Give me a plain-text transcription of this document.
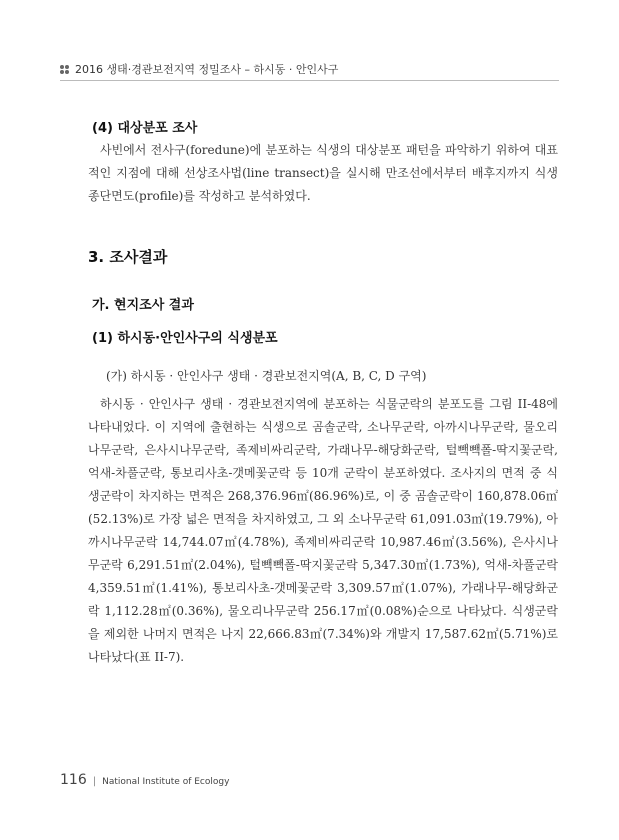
2016 생태·경관보전지역 정밀조사 – 하시동 · 안인사구
(4) 대상분포 조사

사빈에서 전사구(foredune)에 분포하는 식생의 대상분포 패턴을 파악하기 위하여 대표적인 지점에 대해 선상조사법(line transect)을 실시해 만조선에서부터 배후지까지 식생 종단면도(profile)를 작성하고 분석하였다.

3. 조사결과
가. 현지조사 결과
(1) 하시동·안인사구의 식생분포
(가) 하시동 · 안인사구 생태 · 경관보전지역(A, B, C, D 구역)

하시동 · 안인사구 생태 · 경관보전지역에 분포하는 식물군락의 분포도를 그림 II-48에 나타내었다. 이 지역에 출현하는 식생으로 곰솔군락, 소나무군락, 아까시나무군락, 물오리나무군락, 은사시나무군락, 족제비싸리군락, 가래나무-해당화군락, 털빽빽폴-딱지꽃군락, 억새-차풀군락, 통보리사초-갯메꽃군락 등 10개 군락이 분포하였다. 조사지의 면적 중 식생군락이 차지하는 면적은 268,376.96㎡(86.96%)로, 이 중 곰솔군락이 160,878.06㎡(52.13%)로 가장 넓은 면적을 차지하였고, 그 외 소나무군락 61,091.03㎡(19.79%), 아까시나무군락 14,744.07㎡(4.78%), 족제비싸리군락 10,987.46㎡(3.56%), 은사시나무군락 6,291.51㎡(2.04%), 털빽빽폴-딱지꽃군락 5,347.30㎡(1.73%), 억새-차풀군락 4,359.51㎡(1.41%), 통보리사초-갯메꽃군락 3,309.57㎡(1.07%), 가래나무-해당화군락 1,112.28㎡(0.36%), 물오리나무군락 256.17㎡(0.08%)순으로 나타났다. 식생군락을 제외한 나머지 면적은 나지 22,666.83㎡(7.34%)와 개발지 17,587.62㎡(5.71%)로 나타났다(표 II-7).

116 | National Institute of Ecology
